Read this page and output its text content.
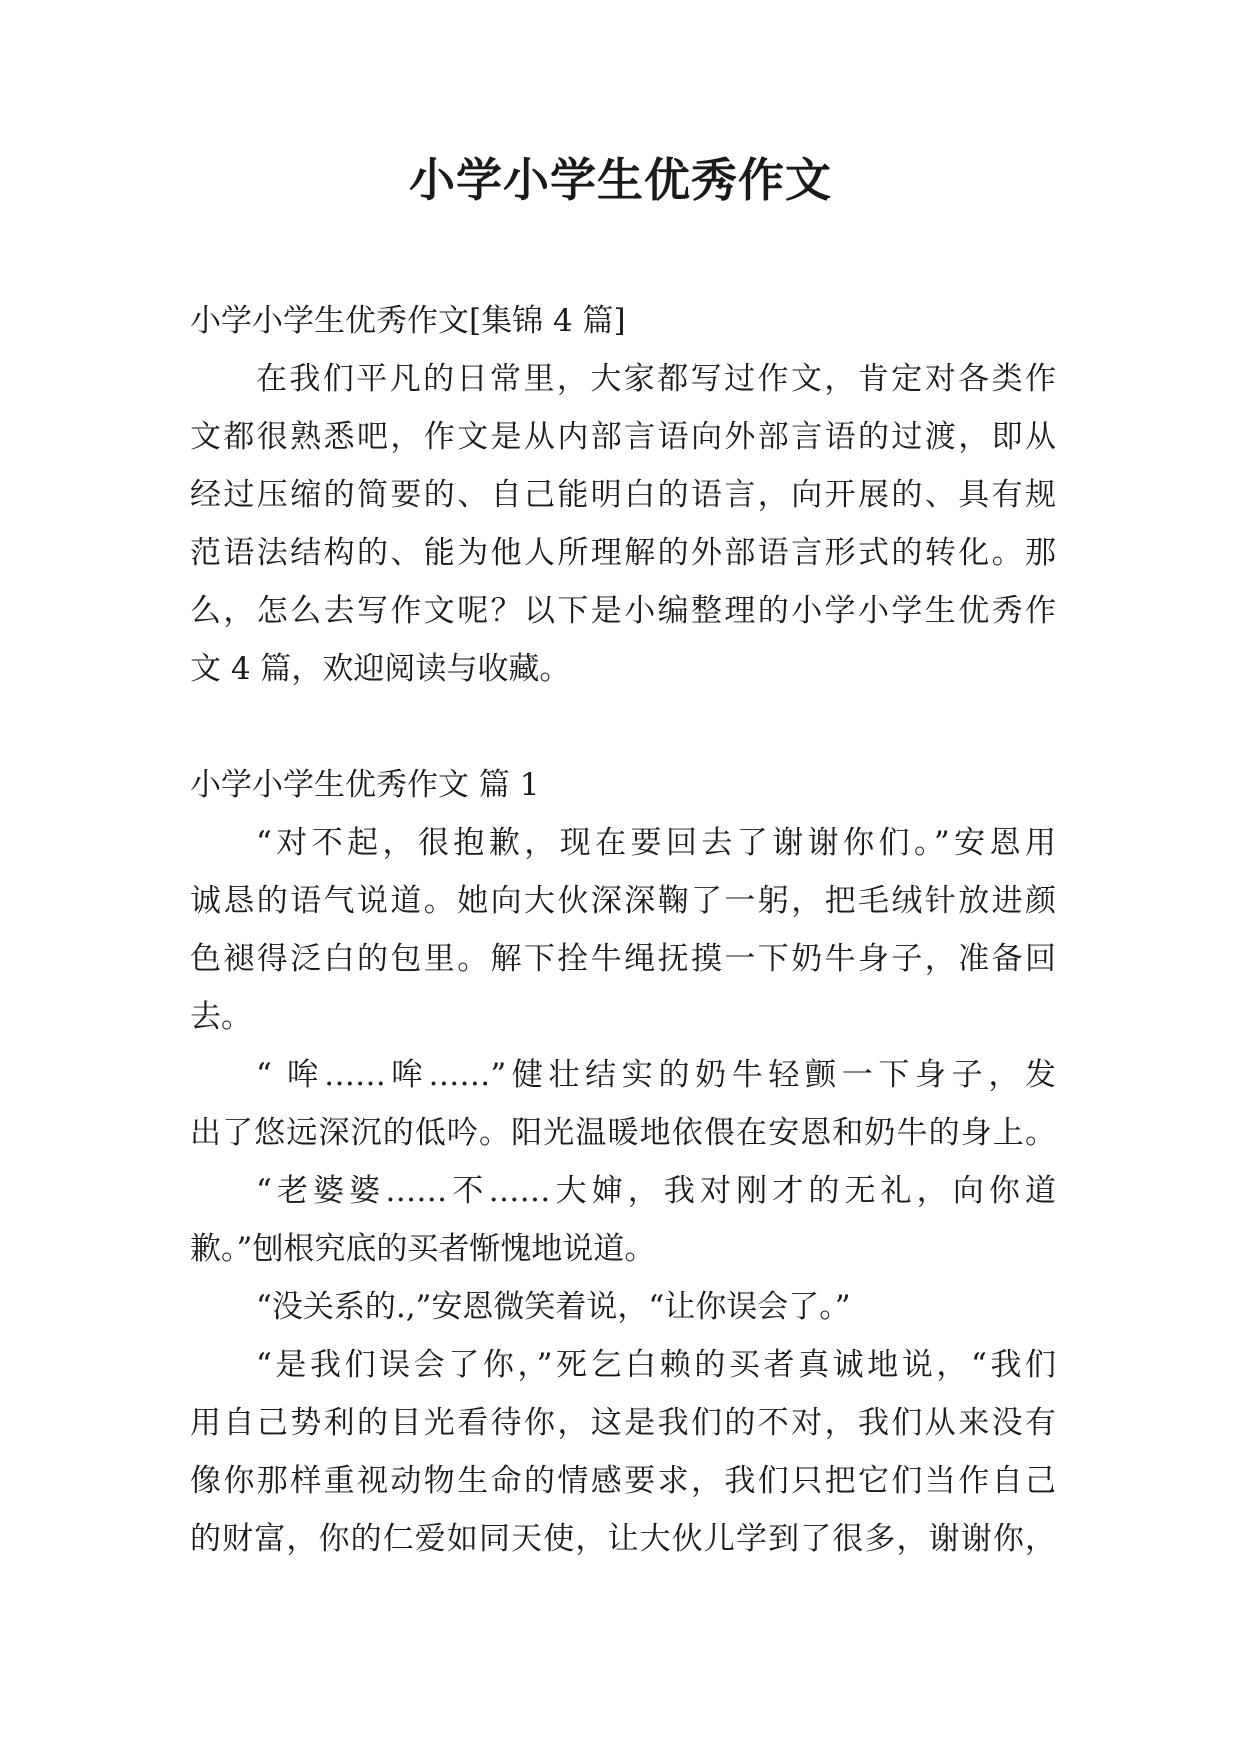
小学小学生优秀作文
小学小学生优秀作文[集锦 4 篇]
在我们平凡的日常里，大家都写过作文，肯定对各类作
文都很熟悉吧，作文是从内部言语向外部言语的过渡，即从
经过压缩的简要的、自己能明白的语言，向开展的、具有规
范语法结构的、能为他人所理解的外部语言形式的转化。那
么，怎么去写作文呢？以下是小编整理的小学小学生优秀作
文 4 篇，欢迎阅读与收藏。
小学小学生优秀作文 篇 1
“对不起，很抱歉，现在要回去了谢谢你们。”安恩用
诚恳的语气说道。她向大伙深深鞠了一躬，把毛绒针放进颜
色褪得泛白的包里。解下拴牛绳抚摸一下奶牛身子，准备回
去。
“ 哞……哞……”健壮结实的奶牛轻颤一下身子，发
出了悠远深沉的低吟。阳光温暖地依偎在安恩和奶牛的身上。
“老婆婆……不……大婶，我对刚才的无礼，向你道
歉。”刨根究底的买者惭愧地说道。
“没关系的.,”安恩微笑着说，“让你误会了。”
“是我们误会了你，”死乞白赖的买者真诚地说，“我们
用自己势利的目光看待你，这是我们的不对，我们从来没有
像你那样重视动物生命的情感要求，我们只把它们当作自己
的财富，你的仁爱如同天使，让大伙儿学到了很多，谢谢你，
